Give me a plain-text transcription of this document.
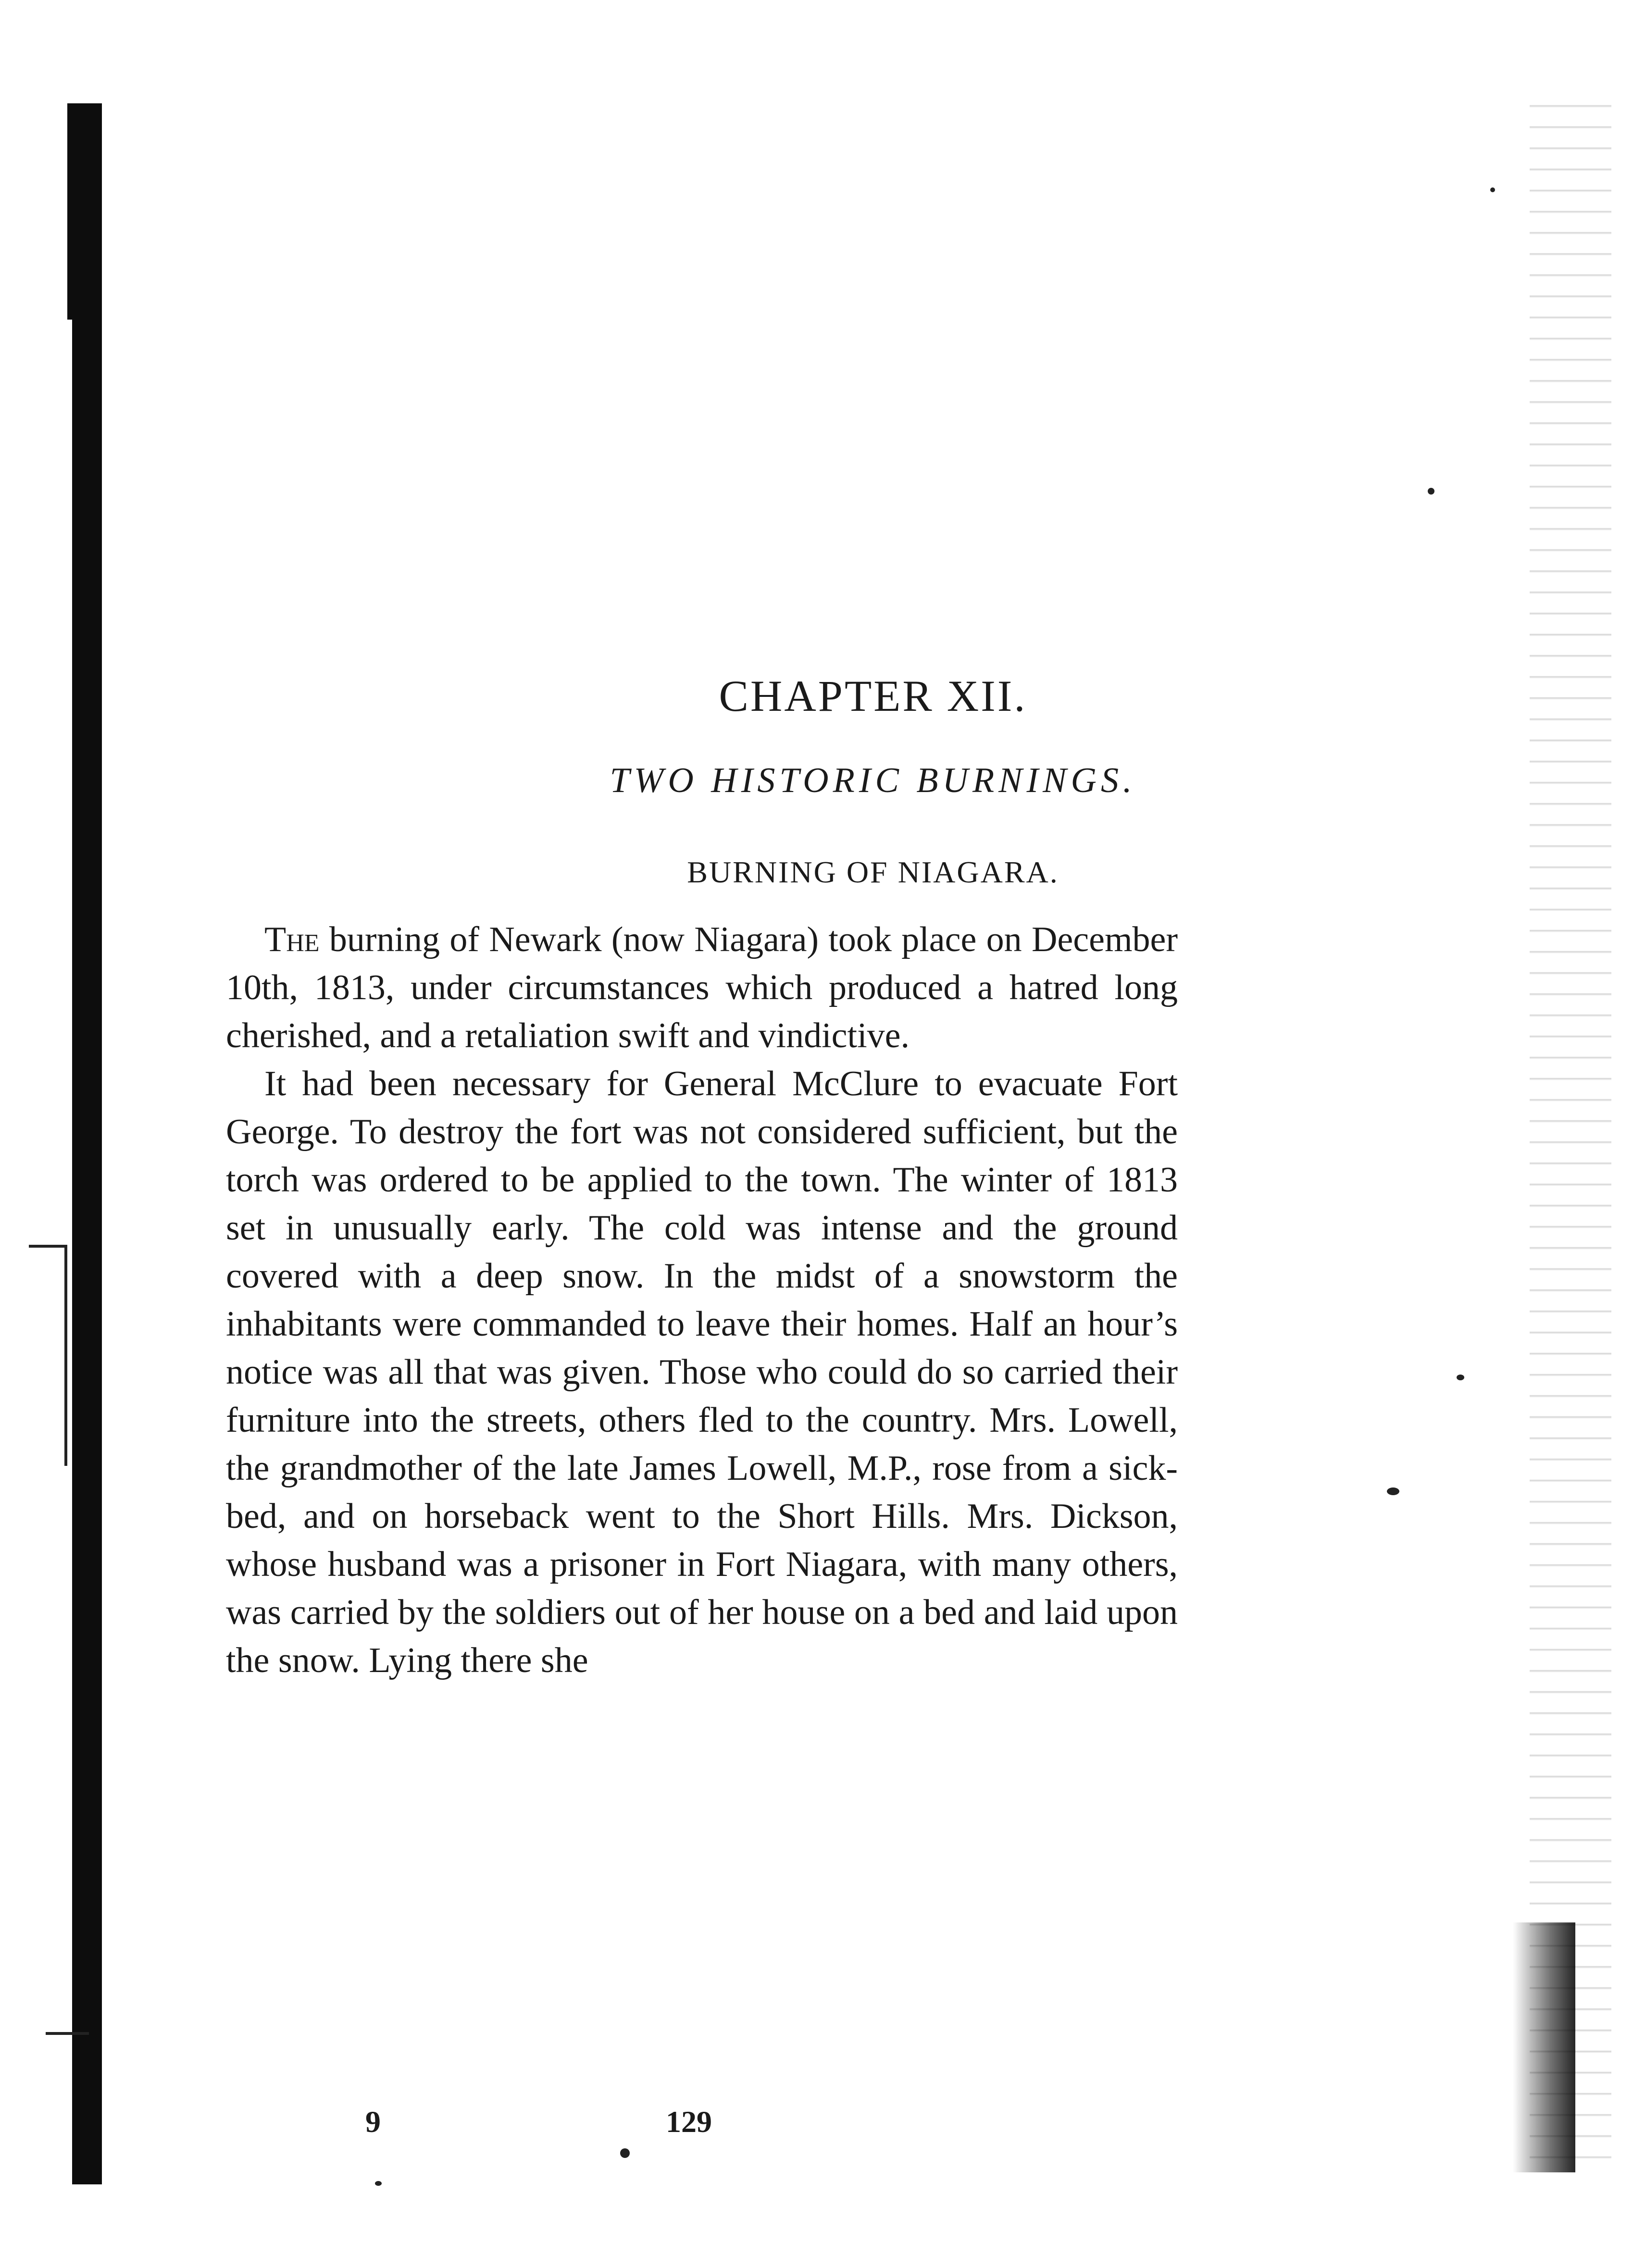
CHAPTER XII.
TWO HISTORIC BURNINGS.
BURNING OF NIAGARA.

The burning of Newark (now Niagara) took place on December 10th, 1813, under circumstances which produced a hatred long cherished, and a retaliation swift and vindictive.

It had been necessary for General McClure to evacuate Fort George. To destroy the fort was not considered sufficient, but the torch was ordered to be applied to the town. The winter of 1813 set in unusually early. The cold was intense and the ground covered with a deep snow. In the midst of a snowstorm the inhabitants were commanded to leave their homes. Half an hour’s notice was all that was given. Those who could do so carried their furniture into the streets, others fled to the country. Mrs. Lowell, the grandmother of the late James Lowell, M.P., rose from a sick-bed, and on horseback went to the Short Hills. Mrs. Dickson, whose husband was a prisoner in Fort Niagara, with many others, was carried by the soldiers out of her house on a bed and laid upon the snow. Lying there she

9	129
